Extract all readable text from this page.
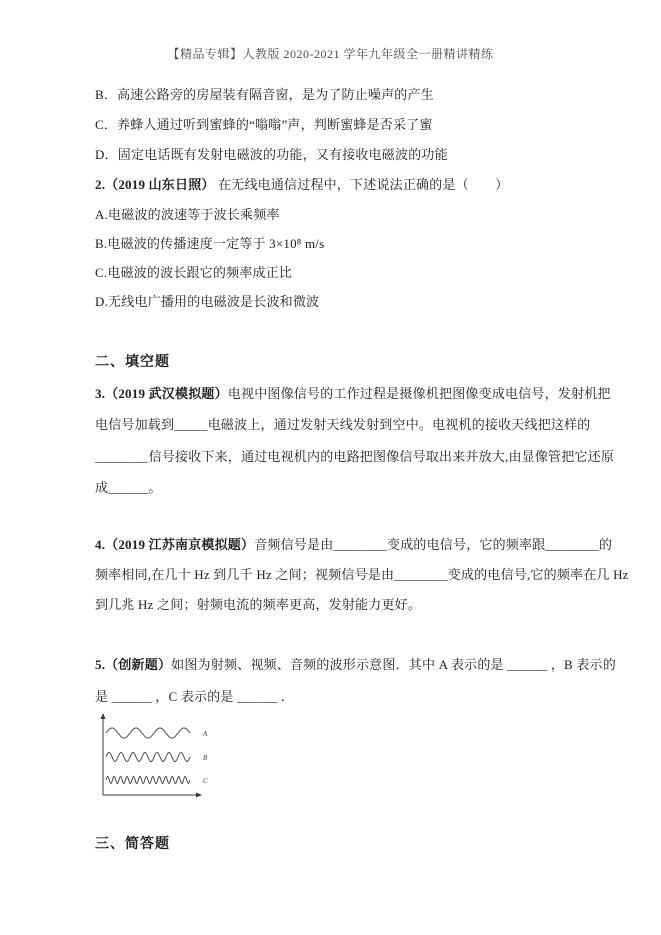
【精品专辑】人教版 2020-2021 学年九年级全一册精讲精练
B．高速公路旁的房屋装有隔音窗，是为了防止噪声的产生
C．养蜂人通过听到蜜蜂的“嗡嗡”声，判断蜜蜂是否采了蜜
D．固定电话既有发射电磁波的功能，又有接收电磁波的功能
2.（2019 山东日照） 在无线电通信过程中，下述说法正确的是（　　）
A.电磁波的波速等于波长乘频率
B.电磁波的传播速度一定等于 3×10⁸ m/s
C.电磁波的波长跟它的频率成正比
D.无线电广播用的电磁波是长波和微波
二、填空题
3.（2019 武汉模拟题）电视中图像信号的工作过程是摄像机把图像变成电信号，发射机把
电信号加载到_____电磁波上，通过发射天线发射到空中。电视机的接收天线把这样的
________信号接收下来，通过电视机内的电路把图像信号取出来并放大,由显像管把它还原
成______。
4.（2019 江苏南京模拟题）音频信号是由________变成的电信号，它的频率跟________的
频率相同,在几十 Hz 到几千 Hz 之间；视频信号是由________变成的电信号,它的频率在几 Hz
到几兆 Hz 之间；射频电流的频率更高，发射能力更好。
5.（创新题）如图为射频、视频、音频的波形示意图．其中 A 表示的是 ______ ，B 表示的
是 ______ ，C 表示的是 ______ ．
A
B
C
三、简答题
